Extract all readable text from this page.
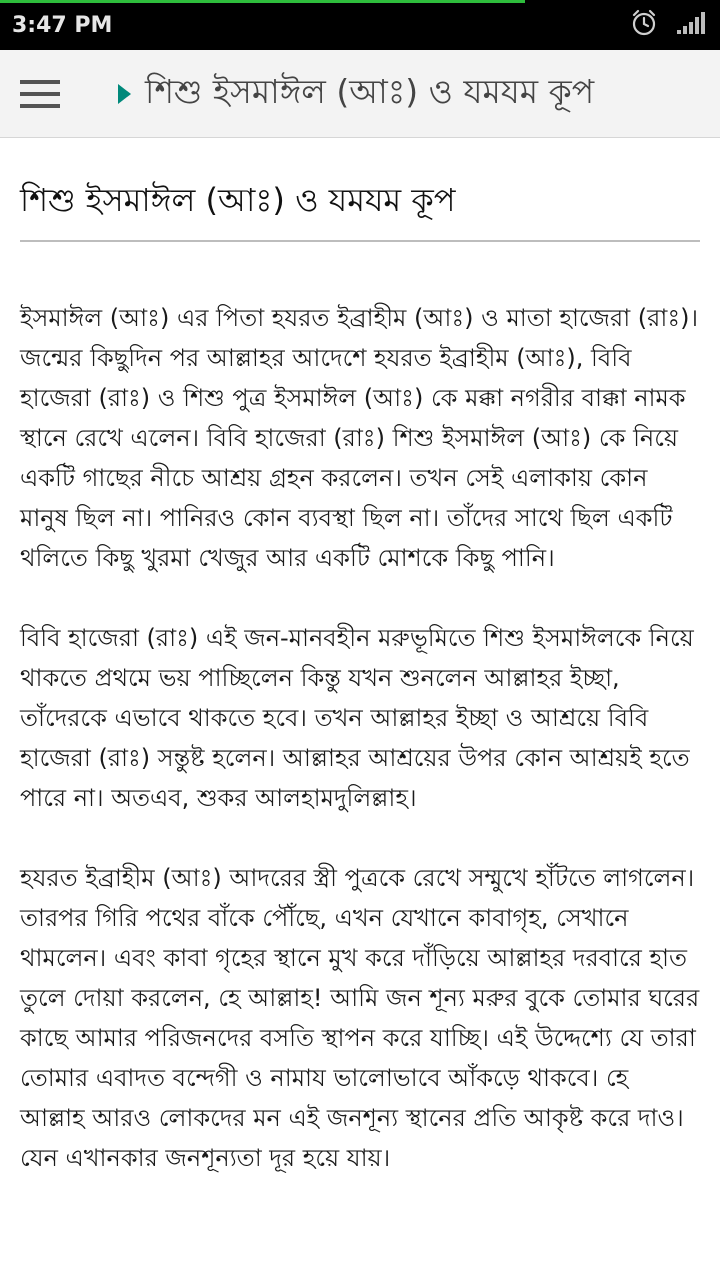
3:47 PM
শিশু ইসমাঈল (আঃ) ও যমযম কূপ
শিশু ইসমাঈল (আঃ) ও যমযম কূপ

ইসমাঈল (আঃ) এর পিতা হযরত ইব্রাহীম (আঃ) ও মাতা হাজেরা (রাঃ)। জন্মের কিছুদিন পর আল্লাহর আদেশে হযরত ইব্রাহীম (আঃ), বিবি হাজেরা (রাঃ) ও শিশু পুত্র ইসমাঈল (আঃ) কে মক্কা নগরীর বাক্কা নামক স্থানে রেখে এলেন। বিবি হাজেরা (রাঃ) শিশু ইসমাঈল (আঃ) কে নিয়ে একটি গাছের নীচে আশ্রয় গ্রহন করলেন। তখন সেই এলাকায় কোন মানুষ ছিল না। পানিরও কোন ব্যবস্থা ছিল না। তাঁদের সাথে ছিল একটি থলিতে কিছু খুরমা খেজুর আর একটি মোশকে কিছু পানি।

বিবি হাজেরা (রাঃ) এই জন-মানবহীন মরুভূমিতে শিশু ইসমাঈলকে নিয়ে থাকতে প্রথমে ভয় পাচ্ছিলেন কিন্তু যখন শুনলেন আল্লাহর ইচ্ছা, তাঁদেরকে এভাবে থাকতে হবে। তখন আল্লাহর ইচ্ছা ও আশ্রয়ে বিবি হাজেরা (রাঃ) সন্তুষ্ট হলেন। আল্লাহর আশ্রয়ের উপর কোন আশ্রয়ই হতে পারে না। অতএব, শুকর আলহামদুলিল্লাহ।

হযরত ইব্রাহীম (আঃ) আদরের স্ত্রী পুত্রকে রেখে সম্মুখে হাঁটতে লাগলেন। তারপর গিরি পথের বাঁকে পৌঁছে, এখন যেখানে কাবাগৃহ, সেখানে থামলেন। এবং কাবা গৃহের স্থানে মুখ করে দাঁড়িয়ে আল্লাহর দরবারে হাত তুলে দোয়া করলেন, হে আল্লাহ! আমি জন শূন্য মরুর বুকে তোমার ঘরের কাছে আমার পরিজনদের বসতি স্থাপন করে যাচ্ছি। এই উদ্দেশ্যে যে তারা তোমার এবাদত বন্দেগী ও নামায ভালোভাবে আঁকড়ে থাকবে। হে আল্লাহ আরও লোকদের মন এই জনশূন্য স্থানের প্রতি আকৃষ্ট করে দাও। যেন এখানকার জনশূন্যতা দূর হয়ে যায়।
